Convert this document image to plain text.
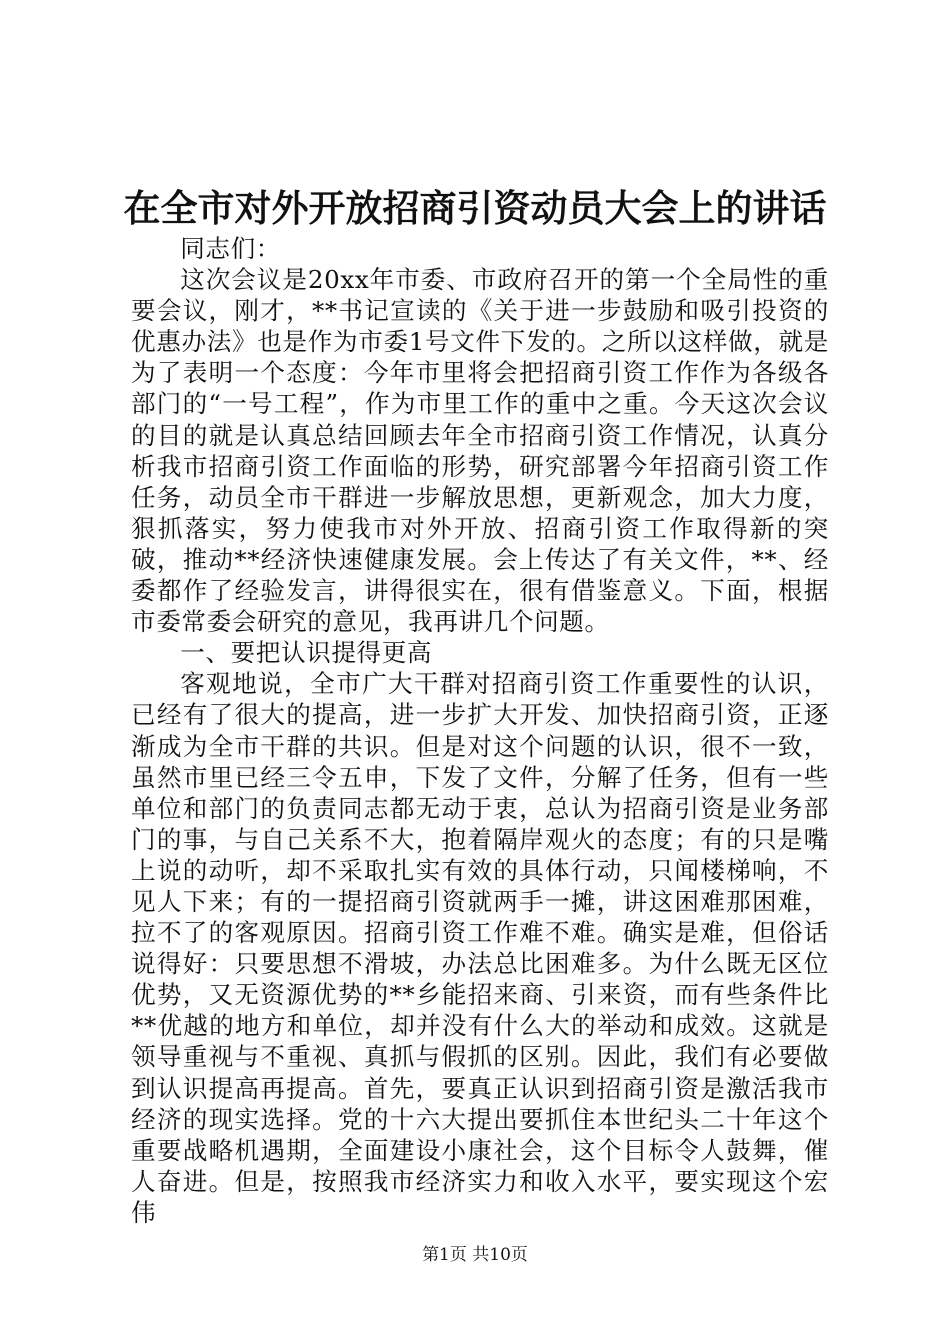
在全市对外开放招商引资动员大会上的讲话

同志们：

这次会议是20xx年市委、市政府召开的第一个全局性的重要会议，刚才，**书记宣读的《关于进一步鼓励和吸引投资的优惠办法》也是作为市委1号文件下发的。之所以这样做，就是为了表明一个态度：今年市里将会把招商引资工作作为各级各部门的“一号工程”，作为市里工作的重中之重。今天这次会议的目的就是认真总结回顾去年全市招商引资工作情况，认真分析我市招商引资工作面临的形势，研究部署今年招商引资工作任务，动员全市干群进一步解放思想，更新观念，加大力度，狠抓落实，努力使我市对外开放、招商引资工作取得新的突破，推动**经济快速健康发展。会上传达了有关文件，**、经委都作了经验发言，讲得很实在，很有借鉴意义。下面，根据市委常委会研究的意见，我再讲几个问题。

一、要把认识提得更高

客观地说，全市广大干群对招商引资工作重要性的认识，已经有了很大的提高，进一步扩大开发、加快招商引资，正逐渐成为全市干群的共识。但是对这个问题的认识，很不一致，虽然市里已经三令五申，下发了文件，分解了任务，但有一些单位和部门的负责同志都无动于衷，总认为招商引资是业务部门的事，与自己关系不大，抱着隔岸观火的态度；有的只是嘴上说的动听，却不采取扎实有效的具体行动，只闻楼梯响，不见人下来；有的一提招商引资就两手一摊，讲这困难那困难，拉不了的客观原因。招商引资工作难不难。确实是难，但俗话说得好：只要思想不滑坡，办法总比困难多。为什么既无区位优势，又无资源优势的**乡能招来商、引来资，而有些条件比**优越的地方和单位，却并没有什么大的举动和成效。这就是领导重视与不重视、真抓与假抓的区别。因此，我们有必要做到认识提高再提高。首先，要真正认识到招商引资是激活我市经济的现实选择。党的十六大提出要抓住本世纪头二十年这个重要战略机遇期，全面建设小康社会，这个目标令人鼓舞，催人奋进。但是，按照我市经济实力和收入水平，要实现这个宏伟

第1页 共10页
